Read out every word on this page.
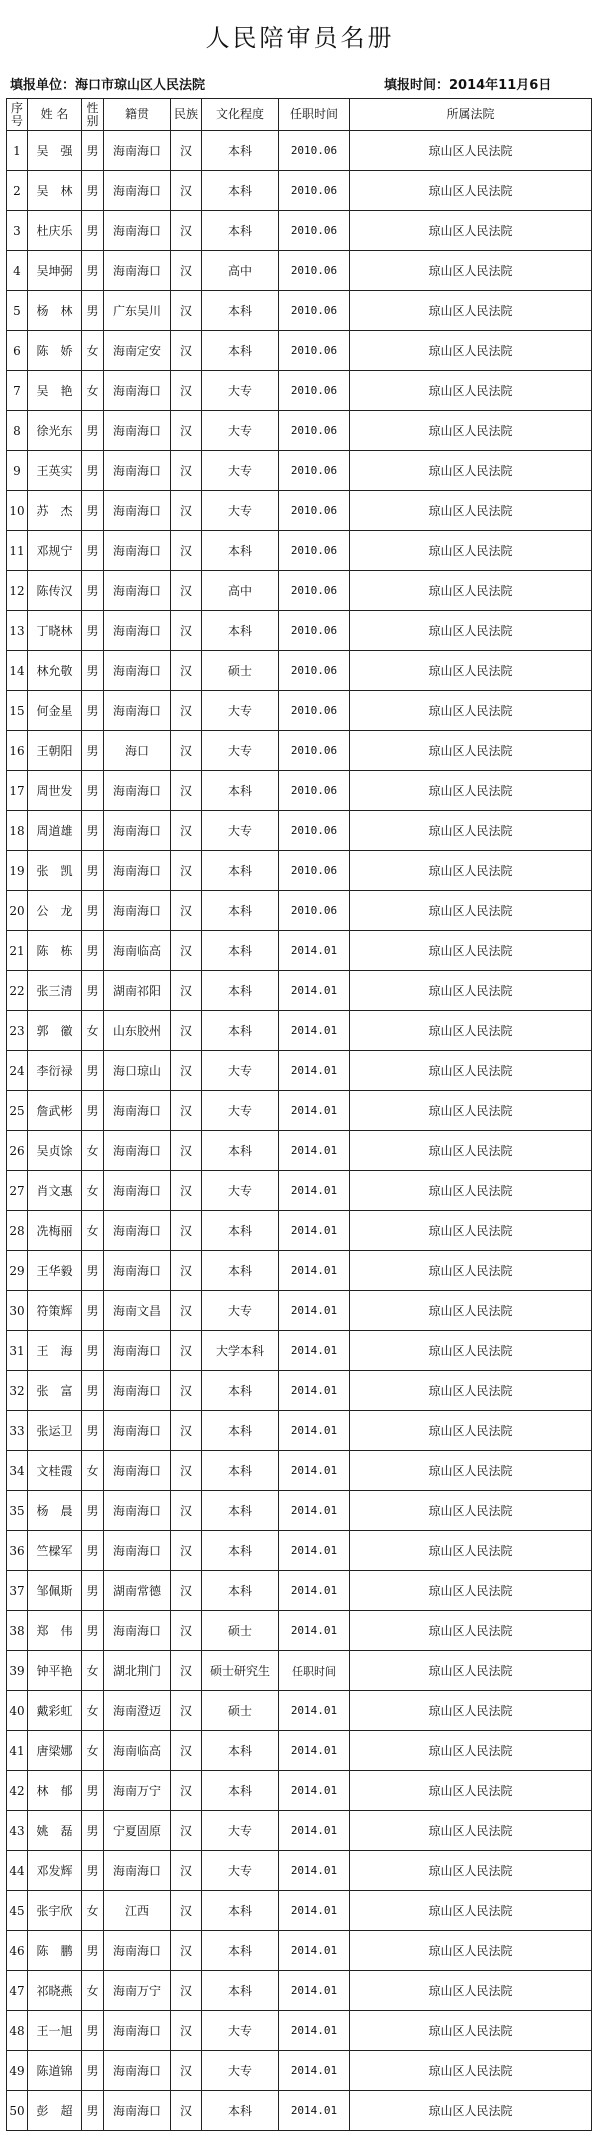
人民陪审员名册
填报单位：海口市琼山区人民法院	填报时间：2014年11月6日
序号	姓 名	性别	籍贯	民族	文化程度	任职时间	所属法院
1	吴　强	男	海南海口	汉	本科	2010.06	琼山区人民法院
2	吴　林	男	海南海口	汉	本科	2010.06	琼山区人民法院
3	杜庆乐	男	海南海口	汉	本科	2010.06	琼山区人民法院
4	吴坤弼	男	海南海口	汉	高中	2010.06	琼山区人民法院
5	杨　林	男	广东吴川	汉	本科	2010.06	琼山区人民法院
6	陈　娇	女	海南定安	汉	本科	2010.06	琼山区人民法院
7	吴　艳	女	海南海口	汉	大专	2010.06	琼山区人民法院
8	徐光东	男	海南海口	汉	大专	2010.06	琼山区人民法院
9	王英实	男	海南海口	汉	大专	2010.06	琼山区人民法院
10	苏　杰	男	海南海口	汉	大专	2010.06	琼山区人民法院
11	邓规宁	男	海南海口	汉	本科	2010.06	琼山区人民法院
12	陈传汉	男	海南海口	汉	高中	2010.06	琼山区人民法院
13	丁晓林	男	海南海口	汉	本科	2010.06	琼山区人民法院
14	林允敬	男	海南海口	汉	硕士	2010.06	琼山区人民法院
15	何金星	男	海南海口	汉	大专	2010.06	琼山区人民法院
16	王朝阳	男	海口	汉	大专	2010.06	琼山区人民法院
17	周世发	男	海南海口	汉	本科	2010.06	琼山区人民法院
18	周道雄	男	海南海口	汉	大专	2010.06	琼山区人民法院
19	张　凯	男	海南海口	汉	本科	2010.06	琼山区人民法院
20	公　龙	男	海南海口	汉	本科	2010.06	琼山区人民法院
21	陈　栋	男	海南临高	汉	本科	2014.01	琼山区人民法院
22	张三清	男	湖南祁阳	汉	本科	2014.01	琼山区人民法院
23	郭　徽	女	山东胶州	汉	本科	2014.01	琼山区人民法院
24	李衍禄	男	海口琼山	汉	大专	2014.01	琼山区人民法院
25	詹武彬	男	海南海口	汉	大专	2014.01	琼山区人民法院
26	吴贞馀	女	海南海口	汉	本科	2014.01	琼山区人民法院
27	肖文惠	女	海南海口	汉	大专	2014.01	琼山区人民法院
28	冼梅丽	女	海南海口	汉	本科	2014.01	琼山区人民法院
29	王华毅	男	海南海口	汉	本科	2014.01	琼山区人民法院
30	符策辉	男	海南文昌	汉	大专	2014.01	琼山区人民法院
31	王　海	男	海南海口	汉	大学本科	2014.01	琼山区人民法院
32	张　富	男	海南海口	汉	本科	2014.01	琼山区人民法院
33	张运卫	男	海南海口	汉	本科	2014.01	琼山区人民法院
34	文桂霞	女	海南海口	汉	本科	2014.01	琼山区人民法院
35	杨　晨	男	海南海口	汉	本科	2014.01	琼山区人民法院
36	竺樑军	男	海南海口	汉	本科	2014.01	琼山区人民法院
37	邹佩斯	男	湖南常德	汉	本科	2014.01	琼山区人民法院
38	郑　伟	男	海南海口	汉	硕士	2014.01	琼山区人民法院
39	钟平艳	女	湖北荆门	汉	硕士研究生	任职时间	琼山区人民法院
40	戴彩虹	女	海南澄迈	汉	硕士	2014.01	琼山区人民法院
41	唐梁娜	女	海南临高	汉	本科	2014.01	琼山区人民法院
42	林　郁	男	海南万宁	汉	本科	2014.01	琼山区人民法院
43	姚　磊	男	宁夏固原	汉	大专	2014.01	琼山区人民法院
44	邓发辉	男	海南海口	汉	大专	2014.01	琼山区人民法院
45	张宇欣	女	江西	汉	本科	2014.01	琼山区人民法院
46	陈　鹏	男	海南海口	汉	本科	2014.01	琼山区人民法院
47	祁晓燕	女	海南万宁	汉	本科	2014.01	琼山区人民法院
48	王一旭	男	海南海口	汉	大专	2014.01	琼山区人民法院
49	陈道锦	男	海南海口	汉	大专	2014.01	琼山区人民法院
50	彭　超	男	海南海口	汉	本科	2014.01	琼山区人民法院
